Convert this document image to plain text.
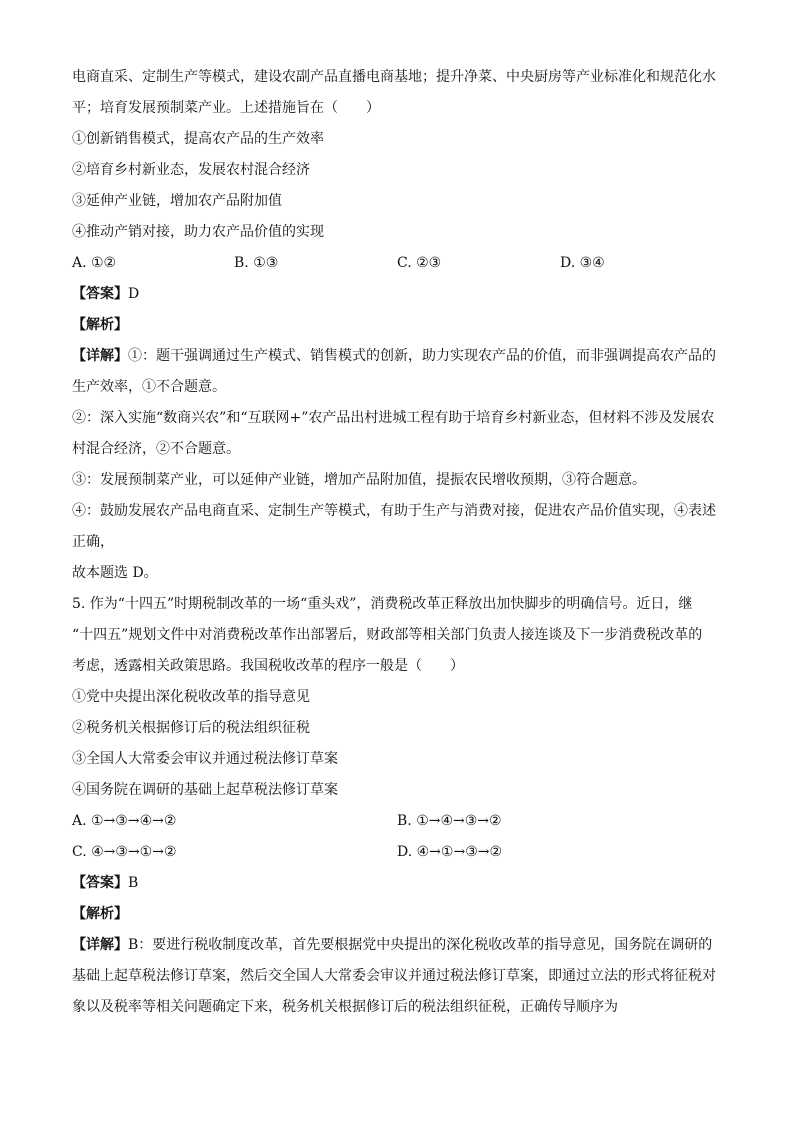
电商直采、定制生产等模式，建设农副产品直播电商基地；提升净菜、中央厨房等产业标准化和规范化水
平；培育发展预制菜产业。上述措施旨在（　　）
①创新销售模式，提高农产品的生产效率
②培育乡村新业态，发展农村混合经济
③延伸产业链，增加农产品附加值
④推动产销对接，助力农产品价值的实现
A. ①②	B. ①③	C. ②③	D. ③④
【答案】D
【解析】
【详解】①：题干强调通过生产模式、销售模式的创新，助力实现农产品的价值，而非强调提高农产品的
生产效率，①不合题意。
②：深入实施“数商兴农”和“互联网+”农产品出村进城工程有助于培育乡村新业态，但材料不涉及发展农
村混合经济，②不合题意。
③：发展预制菜产业，可以延伸产业链，增加产品附加值，提振农民增收预期，③符合题意。
④：鼓励发展农产品电商直采、定制生产等模式，有助于生产与消费对接，促进农产品价值实现，④表述
正确，
故本题选 D。
5. 作为“十四五”时期税制改革的一场“重头戏”，消费税改革正释放出加快脚步的明确信号。近日，继
“十四五”规划文件中对消费税改革作出部署后，财政部等相关部门负责人接连谈及下一步消费税改革的
考虑，透露相关政策思路。我国税收改革的程序一般是（　　）
①党中央提出深化税收改革的指导意见
②税务机关根据修订后的税法组织征税
③全国人大常委会审议并通过税法修订草案
④国务院在调研的基础上起草税法修订草案
A. ①→③→④→②	B. ①→④→③→②
C. ④→③→①→②	D. ④→①→③→②
【答案】B
【解析】
【详解】B：要进行税收制度改革，首先要根据党中央提出的深化税收改革的指导意见，国务院在调研的
基础上起草税法修订草案，然后交全国人大常委会审议并通过税法修订草案，即通过立法的形式将征税对
象以及税率等相关问题确定下来，税务机关根据修订后的税法组织征税，正确传导顺序为
